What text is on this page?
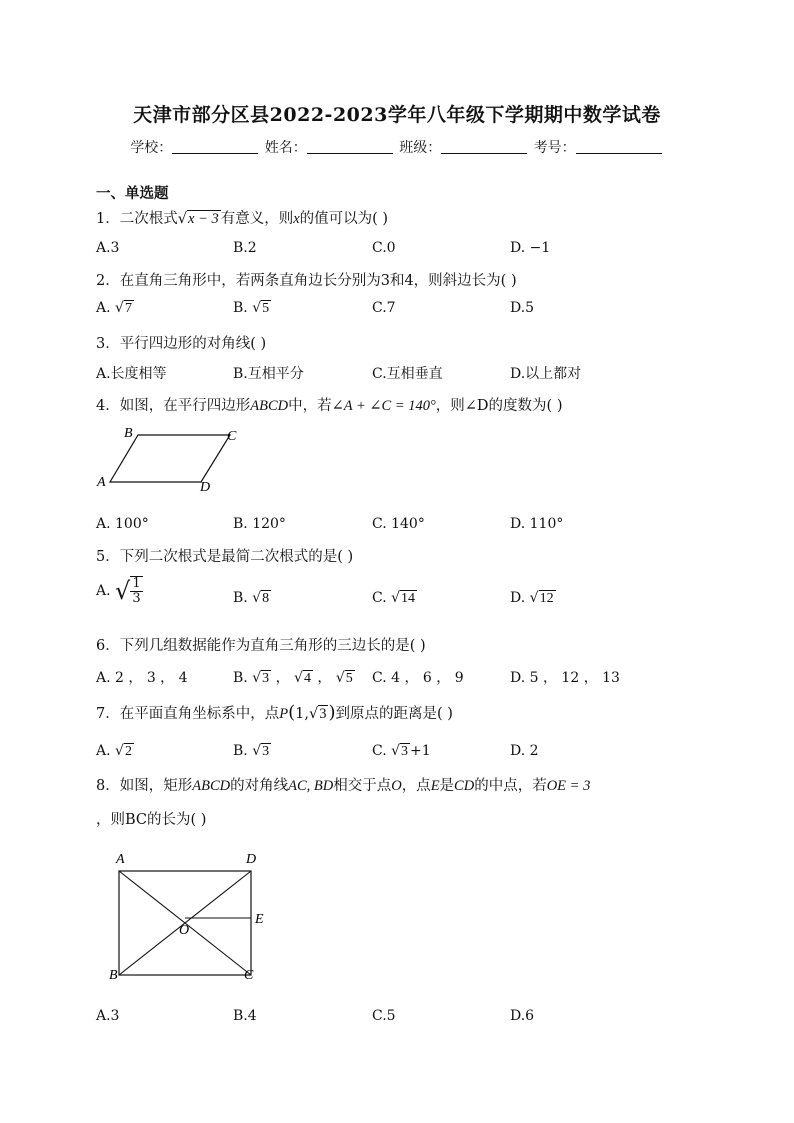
天津市部分区县2022-2023学年八年级下学期期中数学试卷
学校：	姓名：	班级：	考号：
一、单选题
1．二次根式√x − 3 有意义，则x的值可以为( )
A.3	B.2	C.0	D. −1
2．在直角三角形中，若两条直角边长分别为3和4，则斜边长为( )
A. √7	B. √5	C.7	D.5
3．平行四边形的对角线( )
A.长度相等	B.互相平分	C.互相垂直	D.以上都对
4．如图，在平行四边形ABCD中，若∠A + ∠C = 140°，则∠D的度数为( )
B	C
A	D
A. 100°	B. 120°	C. 140°	D. 110°
5．下列二次根式是最简二次根式的是( )
A. √ $\frac{1}{3}$	B. √8	C. √14	D. √12
6．下列几组数据能作为直角三角形的三边长的是( )
A. 2 ， 3 ， 4	B. √3 ， √4 ， √5 C. 4 ， 6 ， 9	D. 5 ， 12 ， 13
7．在平面直角坐标系中，点P(1,√3 )到原点的距离是( )
A. √2	B. √3	C. √3 +1	D. 2
8．如图，矩形ABCD的对角线AC, BD相交于点O，点E是CD的中点，若OE = 3
，则BC的长为( )
A	D
E
O
B	C
A.3	B.4	C.5	D.6
